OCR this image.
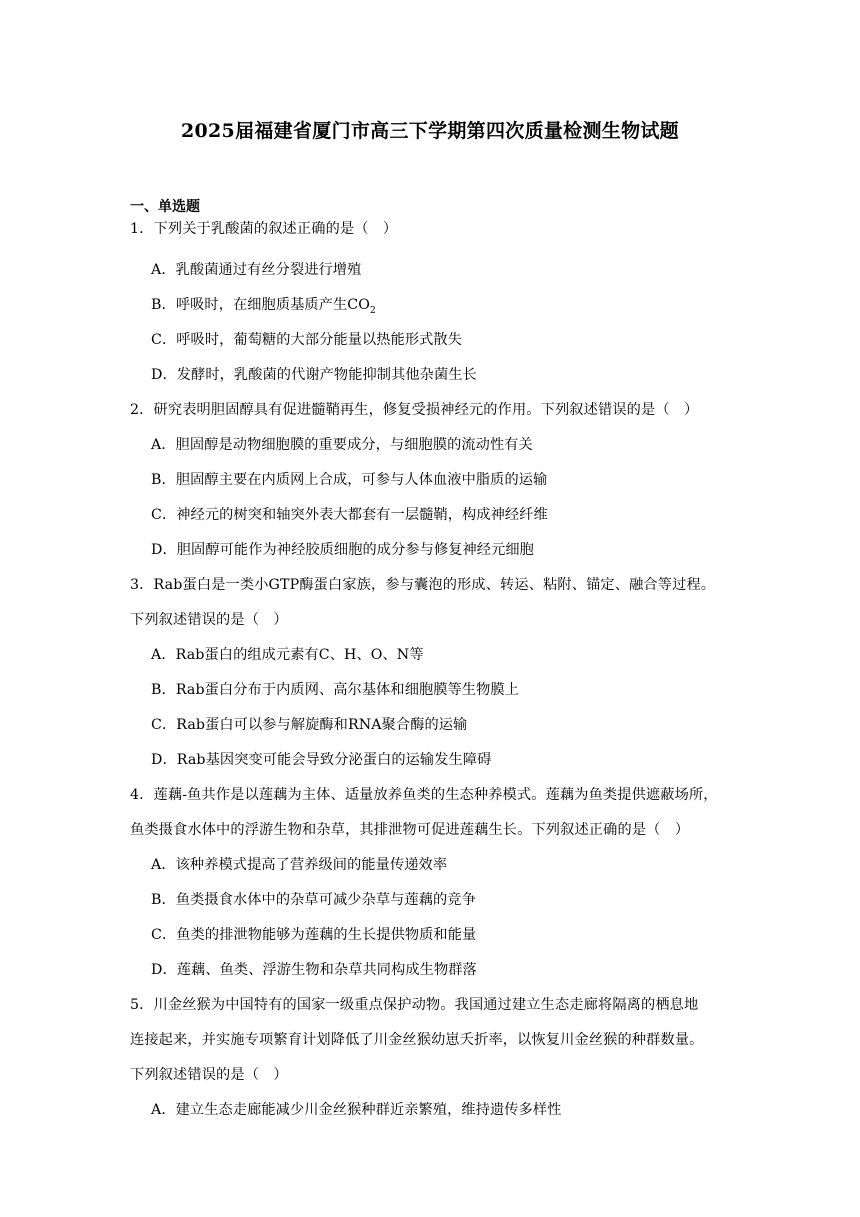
2025届福建省厦门市高三下学期第四次质量检测生物试题
一、单选题
1．下列关于乳酸菌的叙述正确的是（　）
A．乳酸菌通过有丝分裂进行增殖
B．呼吸时，在细胞质基质产生$CO_2$
C．呼吸时，葡萄糖的大部分能量以热能形式散失
D．发酵时，乳酸菌的代谢产物能抑制其他杂菌生长
2．研究表明胆固醇具有促进髓鞘再生，修复受损神经元的作用。下列叙述错误的是（　）
A．胆固醇是动物细胞膜的重要成分，与细胞膜的流动性有关
B．胆固醇主要在内质网上合成，可参与人体血液中脂质的运输
C．神经元的树突和轴突外表大都套有一层髓鞘，构成神经纤维
D．胆固醇可能作为神经胶质细胞的成分参与修复神经元细胞
3．Rab蛋白是一类小GTP酶蛋白家族，参与囊泡的形成、转运、粘附、锚定、融合等过程。
下列叙述错误的是（　）
A．Rab蛋白的组成元素有C、H、O、N等
B．Rab蛋白分布于内质网、高尔基体和细胞膜等生物膜上
C．Rab蛋白可以参与解旋酶和RNA聚合酶的运输
D．Rab基因突变可能会导致分泌蛋白的运输发生障碍
4．莲藕-鱼共作是以莲藕为主体、适量放养鱼类的生态种养模式。莲藕为鱼类提供遮蔽场所，
鱼类摄食水体中的浮游生物和杂草，其排泄物可促进莲藕生长。下列叙述正确的是（　）
A．该种养模式提高了营养级间的能量传递效率
B．鱼类摄食水体中的杂草可减少杂草与莲藕的竞争
C．鱼类的排泄物能够为莲藕的生长提供物质和能量
D．莲藕、鱼类、浮游生物和杂草共同构成生物群落
5．川金丝猴为中国特有的国家一级重点保护动物。我国通过建立生态走廊将隔离的栖息地
连接起来，并实施专项繁育计划降低了川金丝猴幼崽夭折率，以恢复川金丝猴的种群数量。
下列叙述错误的是（　）
A．建立生态走廊能减少川金丝猴种群近亲繁殖，维持遗传多样性
